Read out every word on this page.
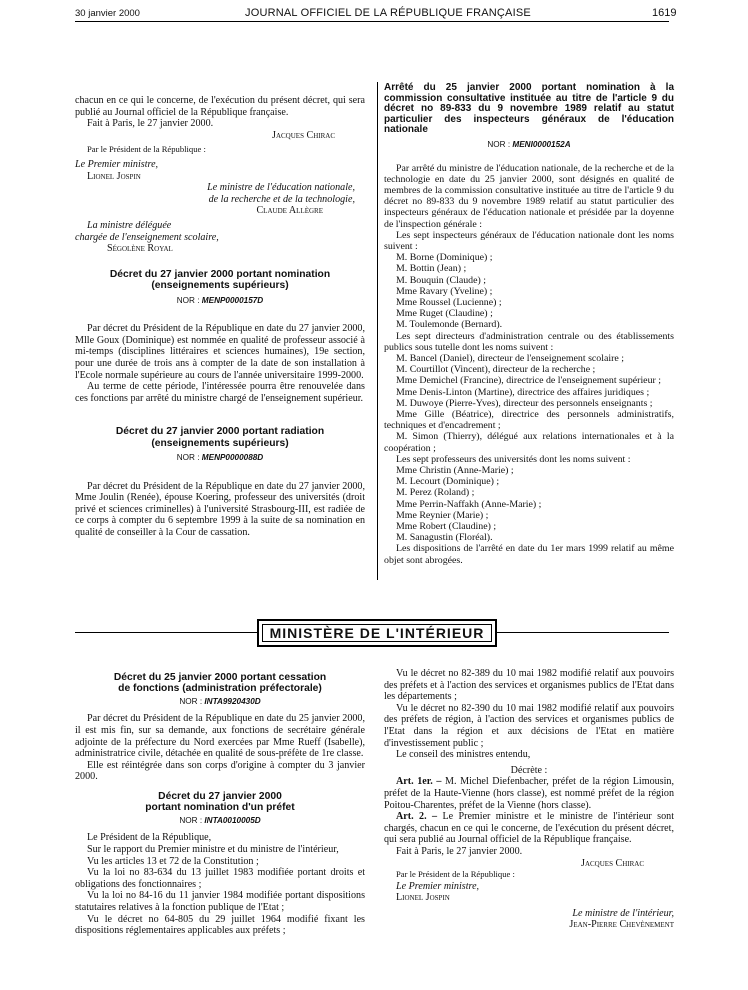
30 janvier 2000	JOURNAL OFFICIEL DE LA RÉPUBLIQUE FRANÇAISE	1619

chacun en ce qui le concerne, de l'exécution du présent décret, qui sera publié au Journal officiel de la République française.

Fait à Paris, le 27 janvier 2000.

Jacques Chirac

Par le Président de la République :

Le Premier ministre,

Lionel Jospin

Le ministre de l'éducation nationale,

de la recherche et de la technologie,

Claude Allègre

La ministre déléguée

chargée de l'enseignement scolaire,

Ségolène Royal

Décret du 27 janvier 2000 portant nomination

(enseignements supérieurs)

NOR : MENP0000157D

Par décret du Président de la République en date du 27 janvier 2000, Mlle Goux (Dominique) est nommée en qualité de professeur associé à mi-temps (disciplines littéraires et sciences humaines), 19e section, pour une durée de trois ans à compter de la date de son installation à l'Ecole normale supérieure au cours de l'année universitaire 1999-2000.

Au terme de cette période, l'intéressée pourra être renouvelée dans ces fonctions par arrêté du ministre chargé de l'enseignement supérieur.

Décret du 27 janvier 2000 portant radiation

(enseignements supérieurs)

NOR : MENP0000088D

Par décret du Président de la République en date du 27 janvier 2000, Mme Joulin (Renée), épouse Koering, professeur des universités (droit privé et sciences criminelles) à l'université Strasbourg-III, est radiée de ce corps à compter du 6 septembre 1999 à la suite de sa nomination en qualité de conseiller à la Cour de cassation.

Arrêté du 25 janvier 2000 portant nomination à la commission consultative instituée au titre de l'article 9 du décret no 89-833 du 9 novembre 1989 relatif au statut particulier des inspecteurs généraux de l'éducation nationale

NOR : MENI0000152A

Par arrêté du ministre de l'éducation nationale, de la recherche et de la technologie en date du 25 janvier 2000, sont désignés en qualité de membres de la commission consultative instituée au titre de l'article 9 du décret no 89-833 du 9 novembre 1989 relatif au statut particulier des inspecteurs généraux de l'éducation nationale et présidée par la doyenne de l'inspection générale :

Les sept inspecteurs généraux de l'éducation nationale dont les noms suivent :

M. Borne (Dominique) ;

M. Bottin (Jean) ;

M. Bouquin (Claude) ;

Mme Ravary (Yveline) ;

Mme Roussel (Lucienne) ;

Mme Ruget (Claudine) ;

M. Toulemonde (Bernard).

Les sept directeurs d'administration centrale ou des établissements publics sous tutelle dont les noms suivent :

M. Bancel (Daniel), directeur de l'enseignement scolaire ;

M. Courtillot (Vincent), directeur de la recherche ;

Mme Demichel (Francine), directrice de l'enseignement supérieur ;

Mme Denis-Linton (Martine), directrice des affaires juridiques ;

M. Duwoye (Pierre-Yves), directeur des personnels enseignants ;

Mme Gille (Béatrice), directrice des personnels administratifs, techniques et d'encadrement ;

M. Simon (Thierry), délégué aux relations internationales et à la coopération ;

Les sept professeurs des universités dont les noms suivent :

Mme Christin (Anne-Marie) ;

M. Lecourt (Dominique) ;

M. Perez (Roland) ;

Mme Perrin-Naffakh (Anne-Marie) ;

Mme Reynier (Marie) ;

Mme Robert (Claudine) ;

M. Sanagustin (Floréal).

Les dispositions de l'arrêté en date du 1er mars 1999 relatif au même objet sont abrogées.

MINISTÈRE DE L'INTÉRIEUR

Décret du 25 janvier 2000 portant cessation

de fonctions (administration préfectorale)

NOR : INTA9920430D

Par décret du Président de la République en date du 25 janvier 2000, il est mis fin, sur sa demande, aux fonctions de secrétaire générale adjointe de la préfecture du Nord exercées par Mme Rueff (Isabelle), administratrice civile, détachée en qualité de sous-préfète de 1re classe.

Elle est réintégrée dans son corps d'origine à compter du 3 janvier 2000.

Décret du 27 janvier 2000

portant nomination d'un préfet

NOR : INTA0010005D

Le Président de la République,

Sur le rapport du Premier ministre et du ministre de l'intérieur,

Vu les articles 13 et 72 de la Constitution ;

Vu la loi no 83-634 du 13 juillet 1983 modifiée portant droits et obligations des fonctionnaires ;

Vu la loi no 84-16 du 11 janvier 1984 modifiée portant dispositions statutaires relatives à la fonction publique de l'Etat ;

Vu le décret no 64-805 du 29 juillet 1964 modifié fixant les dispositions réglementaires applicables aux préfets ;

Vu le décret no 82-389 du 10 mai 1982 modifié relatif aux pouvoirs des préfets et à l'action des services et organismes publics de l'Etat dans les départements ;

Vu le décret no 82-390 du 10 mai 1982 modifié relatif aux pouvoirs des préfets de région, à l'action des services et organismes publics de l'Etat dans la région et aux décisions de l'Etat en matière d'investissement public ;

Le conseil des ministres entendu,

Décrète :

Art. 1er. – M. Michel Diefenbacher, préfet de la région Limousin, préfet de la Haute-Vienne (hors classe), est nommé préfet de la région Poitou-Charentes, préfet de la Vienne (hors classe).

Art. 2. – Le Premier ministre et le ministre de l'intérieur sont chargés, chacun en ce qui le concerne, de l'exécution du présent décret, qui sera publié au Journal officiel de la République française.

Fait à Paris, le 27 janvier 2000.

Jacques Chirac

Par le Président de la République :

Le Premier ministre,

Lionel Jospin

Le ministre de l'intérieur,

Jean-Pierre Chevènement
